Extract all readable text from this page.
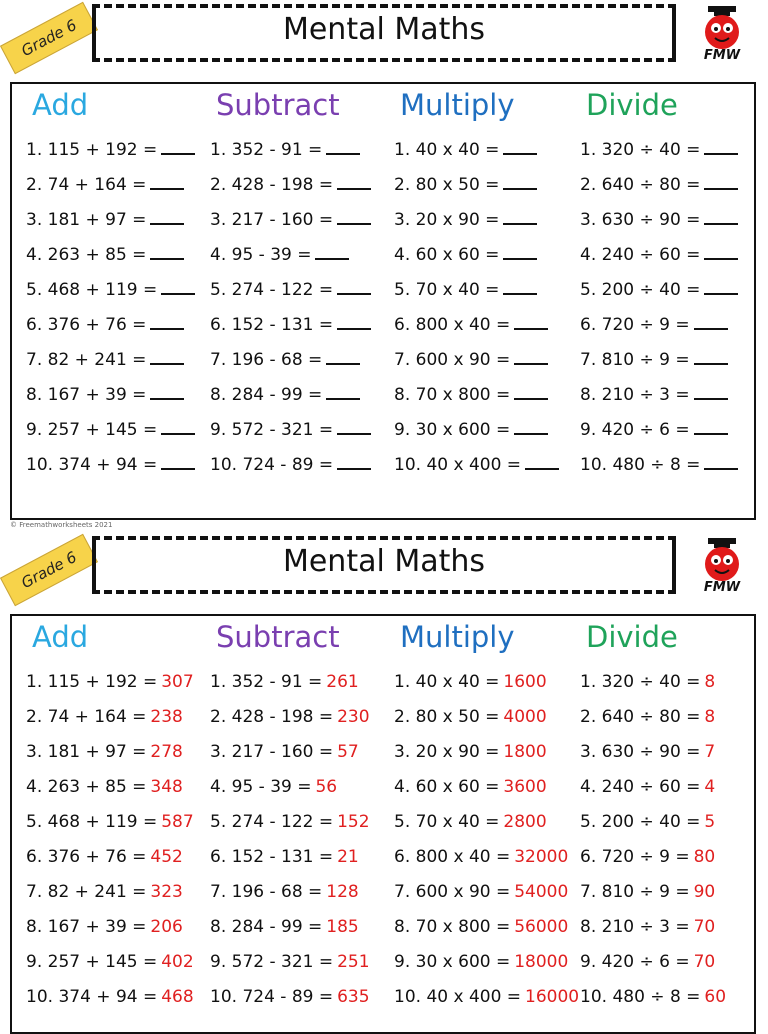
Grade 6	Mental Maths
FMW
Add
1. 115 + 192 =
2. 74 + 164 =
3. 181 + 97 =
4. 263 + 85 =
5. 468 + 119 =
6. 376 + 76 =
7. 82 + 241 =
8. 167 + 39 =
9. 257 + 145 =
10. 374 + 94 =
Subtract
1. 352 - 91 =
2. 428 - 198 =
3. 217 - 160 =
4. 95 - 39 =
5. 274 - 122 =
6. 152 - 131 =
7. 196 - 68 =
8. 284 - 99 =
9. 572 - 321 =
10. 724 - 89 =
Multiply
1. 40 x 40 =
2. 80 x 50 =
3. 20 x 90 =
4. 60 x 60 =
5. 70 x 40 =
6. 800 x 40 =
7. 600 x 90 =
8. 70 x 800 =
9. 30 x 600 =
10. 40 x 400 =
Divide
1. 320 ÷ 40 =
2. 640 ÷ 80 =
3. 630 ÷ 90 =
4. 240 ÷ 60 =
5. 200 ÷ 40 =
6. 720 ÷ 9 =
7. 810 ÷ 9 =
8. 210 ÷ 3 =
9. 420 ÷ 6 =
10. 480 ÷ 8 =
© Freemathworksheets 2021
Grade 6	Mental Maths
FMW
Add
1. 115 + 192 = 307
2. 74 + 164 = 238
3. 181 + 97 = 278
4. 263 + 85 = 348
5. 468 + 119 = 587
6. 376 + 76 = 452
7. 82 + 241 = 323
8. 167 + 39 = 206
9. 257 + 145 = 402
10. 374 + 94 = 468
Subtract
1. 352 - 91 = 261
2. 428 - 198 = 230
3. 217 - 160 = 57
4. 95 - 39 = 56
5. 274 - 122 = 152
6. 152 - 131 = 21
7. 196 - 68 = 128
8. 284 - 99 = 185
9. 572 - 321 = 251
10. 724 - 89 = 635
Multiply
1. 40 x 40 = 1600
2. 80 x 50 = 4000
3. 20 x 90 = 1800
4. 60 x 60 = 3600
5. 70 x 40 = 2800
6. 800 x 40 = 32000
7. 600 x 90 = 54000
8. 70 x 800 = 56000
9. 30 x 600 = 18000
10. 40 x 400 = 16000
Divide
1. 320 ÷ 40 = 8
2. 640 ÷ 80 = 8
3. 630 ÷ 90 = 7
4. 240 ÷ 60 = 4
5. 200 ÷ 40 = 5
6. 720 ÷ 9 = 80
7. 810 ÷ 9 = 90
8. 210 ÷ 3 = 70
9. 420 ÷ 6 = 70
10. 480 ÷ 8 = 60
